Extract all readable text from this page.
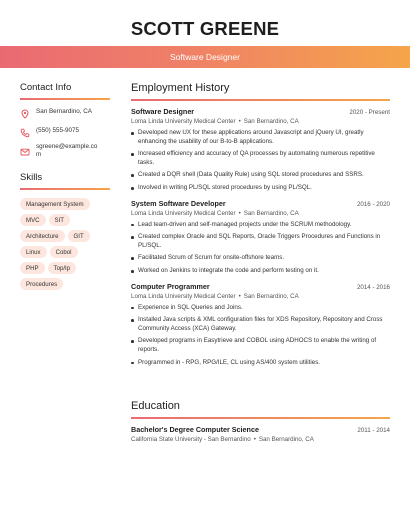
SCOTT GREENE
Software Designer
Contact Info
San Bernardino, CA
(550) 555-9075
sgreene@example.com
Skills
Management System
MVC	SIT
Architecture	GIT
Linux	Cobol
PHP	Top/Ip
Procedures
Employment History
Software Designer	2020 - Present
Loma Linda University Medical Center • San Bernardino, CA
Developed new UX for these applications around Javascript and jQuery UI, greatly enhancing the usability of our B-to-B applications.
Increased efficiency and accuracy of QA processes by automating numerous repetitive tasks.
Created a DQR shell (Data Quality Rule) using SQL stored procedures and SSRS.
Involved in writing PL/SQL stored procedures by using PL/SQL.
System Software Developer	2016 - 2020
Loma Linda University Medical Center • San Bernardino, CA
Lead team-driven and self-managed projects under the SCRUM methodology.
Created complex Oracle and SQL Reports, Oracle Triggers Procedures and Functions in PL/SQL.
Facilitated Scrum of Scrum for onsite-offshore teams.
Worked on Jenkins to integrate the code and perform testing on it.
Computer Programmer	2014 - 2016
Loma Linda University Medical Center • San Bernardino, CA
Experience in SQL Queries and Joins.
Installed Java scripts & XML configuration files for XDS Repository, Repository and Cross Community Access (XCA) Gateway.
Developed programs in Easytrieve and COBOL using ADHOCS to enable the writing of reports.
Programmed in - RPG, RPG/ILE, CL using AS/400 system utilities.
Education
Bachelor's Degree Computer Science	2011 - 2014
California State University - San Bernardino • San Bernardino, CA
